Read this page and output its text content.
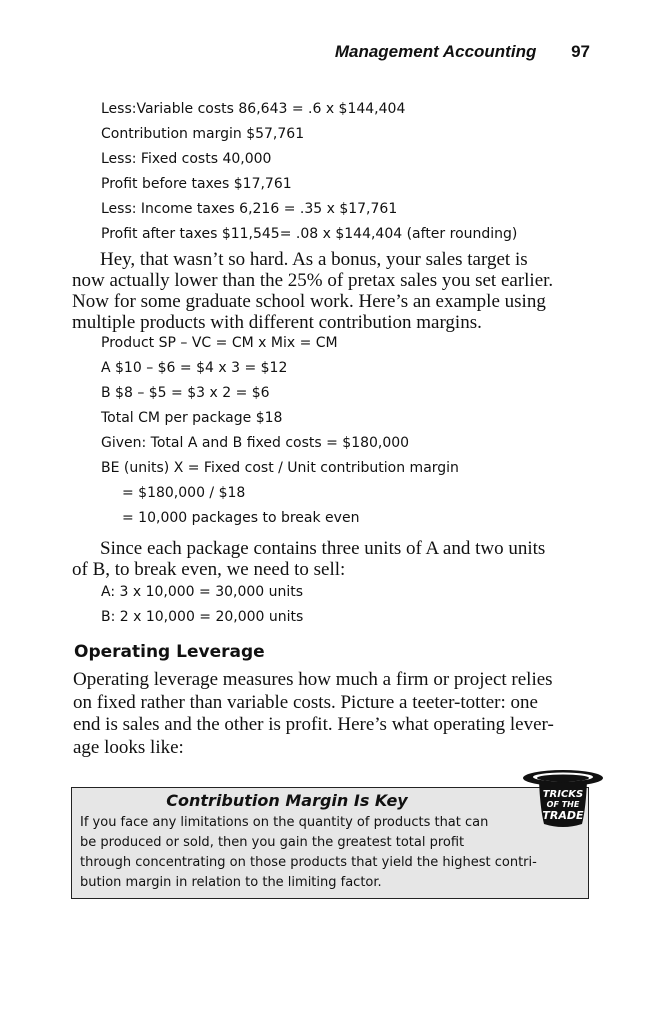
Management Accounting 97
Less:Variable costs 86,643 = .6 x $144,404
Contribution margin $57,761
Less: Fixed costs 40,000
Profit before taxes $17,761
Less: Income taxes 6,216 = .35 x $17,761
Profit after taxes $11,545= .08 x $144,404 (after rounding)
Hey, that wasn’t so hard. As a bonus, your sales target is
now actually lower than the 25% of pretax sales you set earlier.
Now for some graduate school work. Here’s an example using
multiple products with different contribution margins.
Product SP – VC = CM x Mix = CM
A $10 – $6 = $4 x 3 = $12
B $8 – $5 = $3 x 2 = $6
Total CM per package $18
Given: Total A and B fixed costs = $180,000
BE (units) X = Fixed cost / Unit contribution margin
= $180,000 / $18
= 10,000 packages to break even
Since each package contains three units of A and two units
of B, to break even, we need to sell:
A: 3 x 10,000 = 30,000 units
B: 2 x 10,000 = 20,000 units
Operating Leverage
Operating leverage measures how much a firm or project relies
on fixed rather than variable costs. Picture a teeter-totter: one
end is sales and the other is profit. Here’s what operating lever-
age looks like:
Contribution Margin Is Key
If you face any limitations on the quantity of products that can
be produced or sold, then you gain the greatest total profit
through concentrating on those products that yield the highest contri-
bution margin in relation to the limiting factor.
TRICKS
OF THE
TRADE
